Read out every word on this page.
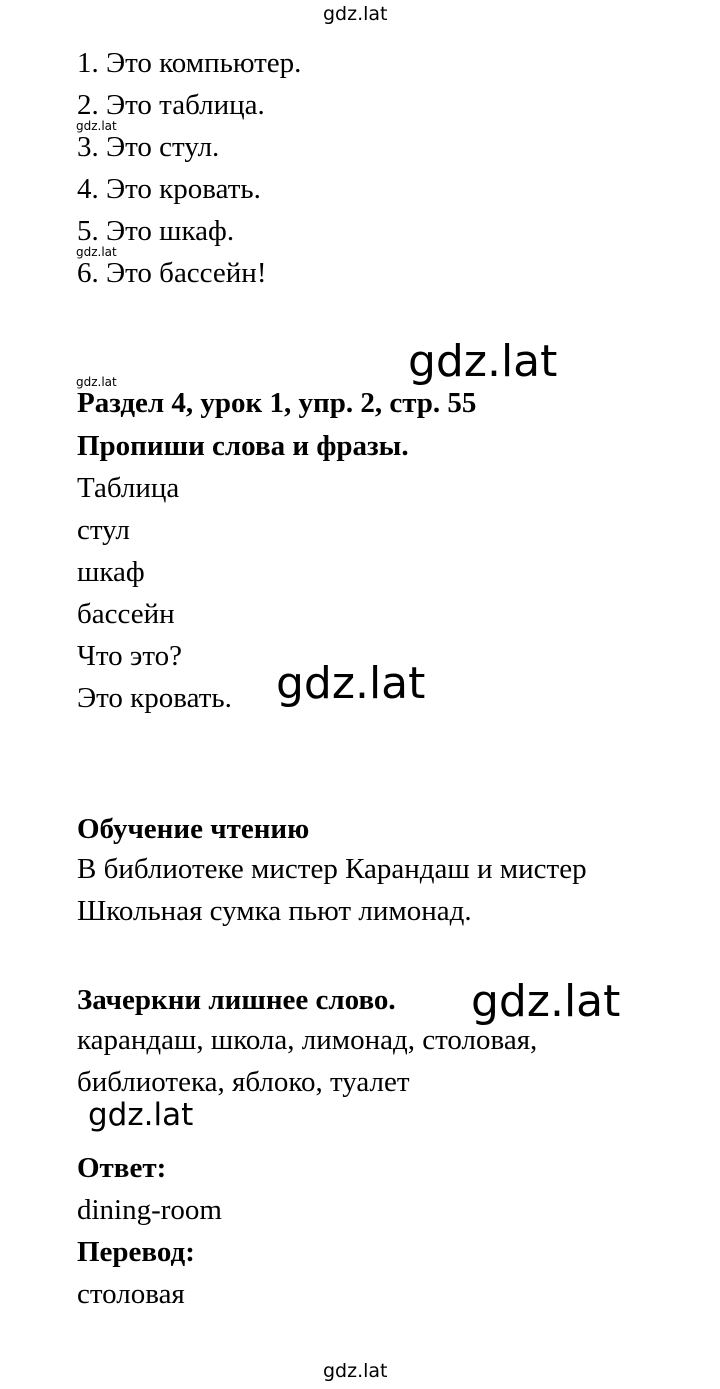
gdz.lat
gdz.lat
gdz.lat
gdz.lat	gdz.lat
gdz.lat
gdz.lat
gdz.lat
gdz.lat
1. Это компьютер.
2. Это таблица.
3. Это стул.
4. Это кровать.
5. Это шкаф.
6. Это бассейн!
Раздел 4, урок 1, упр. 2, стр. 55
Пропиши слова и фразы.
Таблица
стул
шкаф
бассейн
Что это?
Это кровать.
Обучение чтению
В библиотеке мистер Карандаш и мистер
Школьная сумка пьют лимонад.
Зачеркни лишнее слово.
карандаш, школа, лимонад, столовая,
библиотека, яблоко, туалет
Ответ:
dining-room
Перевод:
столовая
